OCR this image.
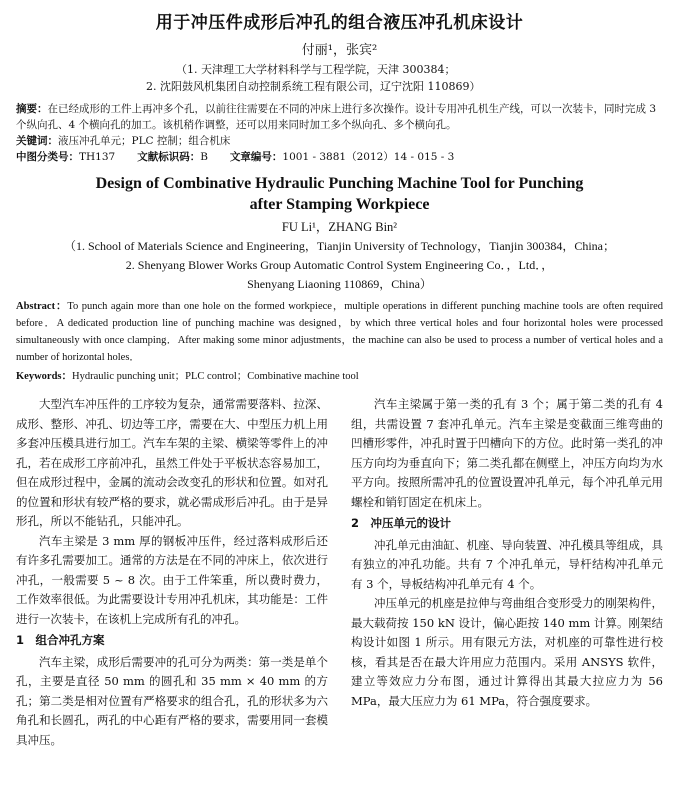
用于冲压件成形后冲孔的组合液压冲孔机床设计
付丽¹，张宾²
（1. 天津理工大学材料科学与工程学院，天津 300384；
2. 沈阳鼓风机集团自动控制系统工程有限公司，辽宁沈阳 110869）
摘要：在已经成形的工件上再冲多个孔，以前往往需要在不同的冲床上进行多次操作。设计专用冲孔机生产线，可以一次装卡，同时完成 3 个纵向孔、4 个横向孔的加工。该机稍作调整，还可以用来同时加工多个纵向孔、多个横向孔。
关键词：液压冲孔单元；PLC 控制；组合机床
中图分类号：TH137 文献标识码：B 文章编号：1001 - 3881（2012）14 - 015 - 3
Design of Combinative Hydraulic Punching Machine Tool for Punching
after Stamping Workpiece
FU Li¹，ZHANG Bin²
（1. School of Materials Science and Engineering，Tianjin University of Technology，Tianjin 300384，China；
2. Shenyang Blower Works Group Automatic Control System Engineering Co．，Ltd．，
Shenyang Liaoning 110869，China）
Abstract：To punch again more than one hole on the formed workpiece，multiple operations in different punching machine tools are often required before．A dedicated production line of punching machine was designed，by which three vertical holes and four horizontal holes were processed simultaneously with once clamping．After making some minor adjustments，the machine can also be used to process a number of vertical holes and a number of horizontal holes．
Keywords：Hydraulic punching unit；PLC control；Combinative machine tool

大型汽车冲压件的工序较为复杂，通常需要落料、拉深、成形、整形、冲孔、切边等工序，需要在大、中型压力机上用多套冲压模具进行加工。汽车车架的主梁、横梁等零件上的冲孔，若在成形工序前冲孔，虽然工件处于平板状态容易加工，但在成形过程中，金属的流动会改变孔的形状和位置。如对孔的位置和形状有较严格的要求，就必需成形后冲孔。由于是异形孔，所以不能钻孔，只能冲孔。

汽车主梁是 3 mm 厚的钢板冲压件，经过落料成形后还有许多孔需要加工。通常的方法是在不同的冲床上，依次进行冲孔，一般需要 5 ~ 8 次。由于工件笨重，所以费时费力，工作效率很低。为此需要设计专用冲孔机床，其功能是：工件进行一次装卡，在该机上完成所有孔的冲孔。

1　组合冲孔方案

汽车主梁，成形后需要冲的孔可分为两类：第一类是单个孔，主要是直径 50 mm 的圆孔和 35 mm × 40 mm 的方孔；第二类是相对位置有严格要求的组合孔，孔的形状多为六角孔和长圆孔，两孔的中心距有严格的要求，需要用同一套模具冲压。

汽车主梁属于第一类的孔有 3 个；属于第二类的孔有 4 组，共需设置 7 套冲孔单元。汽车主梁是变截面三维弯曲的凹槽形零件，冲孔时置于凹槽向下的方位。此时第一类孔的冲压方向均为垂直向下；第二类孔都在侧壁上，冲压方向均为水平方向。按照所需冲孔的位置设置冲孔单元，每个冲孔单元用螺栓和销钉固定在机床上。

2　冲压单元的设计

冲孔单元由油缸、机座、导向装置、冲孔模具等组成，具有独立的冲孔功能。共有 7 个冲孔单元，导杆结构冲孔单元有 3 个，导板结构冲孔单元有 4 个。

冲压单元的机座是拉伸与弯曲组合变形受力的刚架构件，最大载荷按 150 kN 设计，偏心距按 140 mm 计算。刚架结构设计如图 1 所示。用有限元方法，对机座的可靠性进行校核，看其是否在最大许用应力范围内。采用 ANSYS 软件，建立等效应力分布图，通过计算得出其最大拉应力为 56 MPa，最大压应力为 61 MPa，符合强度要求。
